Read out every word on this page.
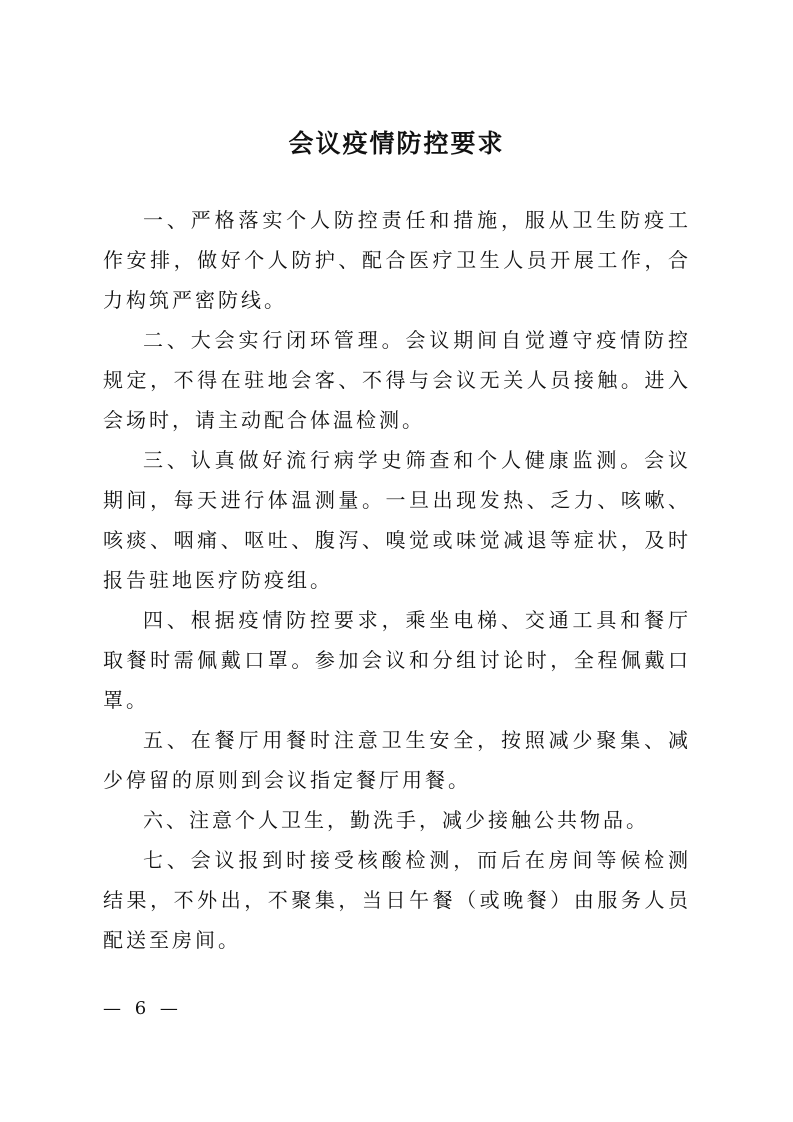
会议疫情防控要求

一、严格落实个人防控责任和措施，服从卫生防疫工作安排，做好个人防护、配合医疗卫生人员开展工作，合力构筑严密防线。

二、大会实行闭环管理。会议期间自觉遵守疫情防控规定，不得在驻地会客、不得与会议无关人员接触。进入会场时，请主动配合体温检测。

三、认真做好流行病学史筛查和个人健康监测。会议期间，每天进行体温测量。一旦出现发热、乏力、咳嗽、咳痰、咽痛、呕吐、腹泻、嗅觉或味觉减退等症状，及时报告驻地医疗防疫组。

四、根据疫情防控要求，乘坐电梯、交通工具和餐厅取餐时需佩戴口罩。参加会议和分组讨论时，全程佩戴口罩。

五、在餐厅用餐时注意卫生安全，按照减少聚集、减少停留的原则到会议指定餐厅用餐。

六、注意个人卫生，勤洗手，减少接触公共物品。

七、会议报到时接受核酸检测，而后在房间等候检测结果，不外出，不聚集，当日午餐（或晚餐）由服务人员配送至房间。

— 6 —
